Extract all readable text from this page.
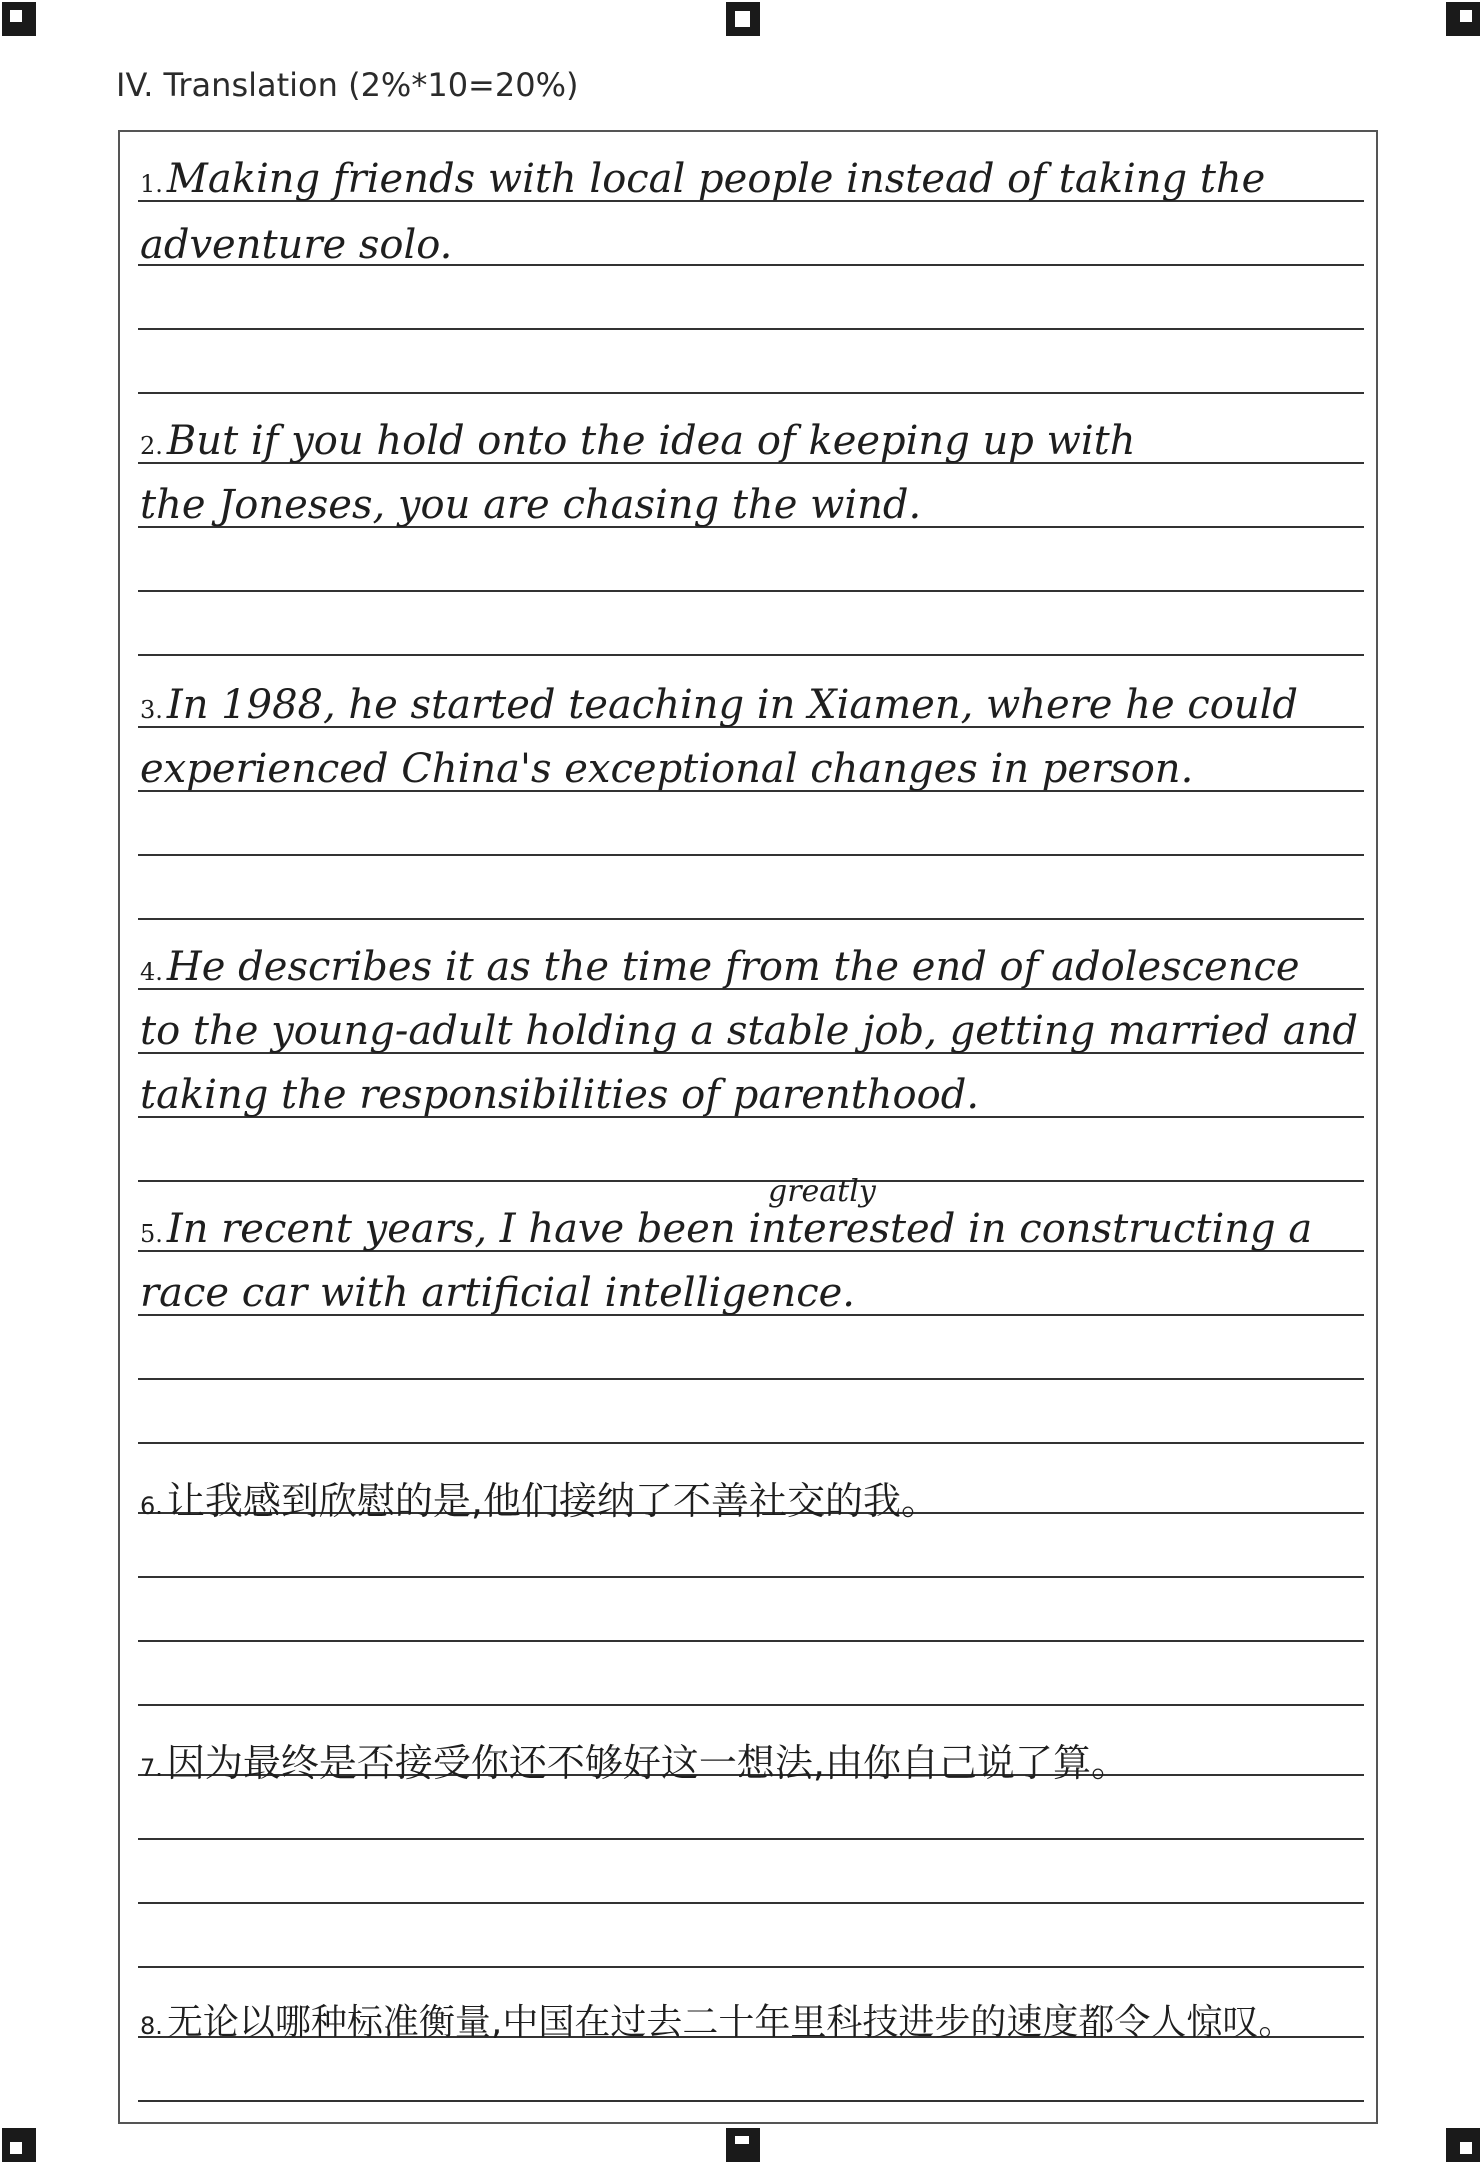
IV. Translation (2%*10=20%)
1. Making friends with local people instead of taking the
adventure solo.
2. But if you hold onto the idea of keeping up with
the Joneses, you are chasing the wind.
3. In 1988, he started teaching in Xiamen, where he could
experienced China's exceptional changes in person.
4. He describes it as the time from the end of adolescence
to the young-adult holding a stable job, getting married and
taking the responsibilities of parenthood.
greatly
5. In recent years, I have been interested in constructing a
race car with artificial intelligence.
6. 让我感到欣慰的是,他们接纳了不善社交的我。
7. 因为最终是否接受你还不够好这一想法,由你自己说了算。
8. 无论以哪种标准衡量,中国在过去二十年里科技进步的速度都令人惊叹。
